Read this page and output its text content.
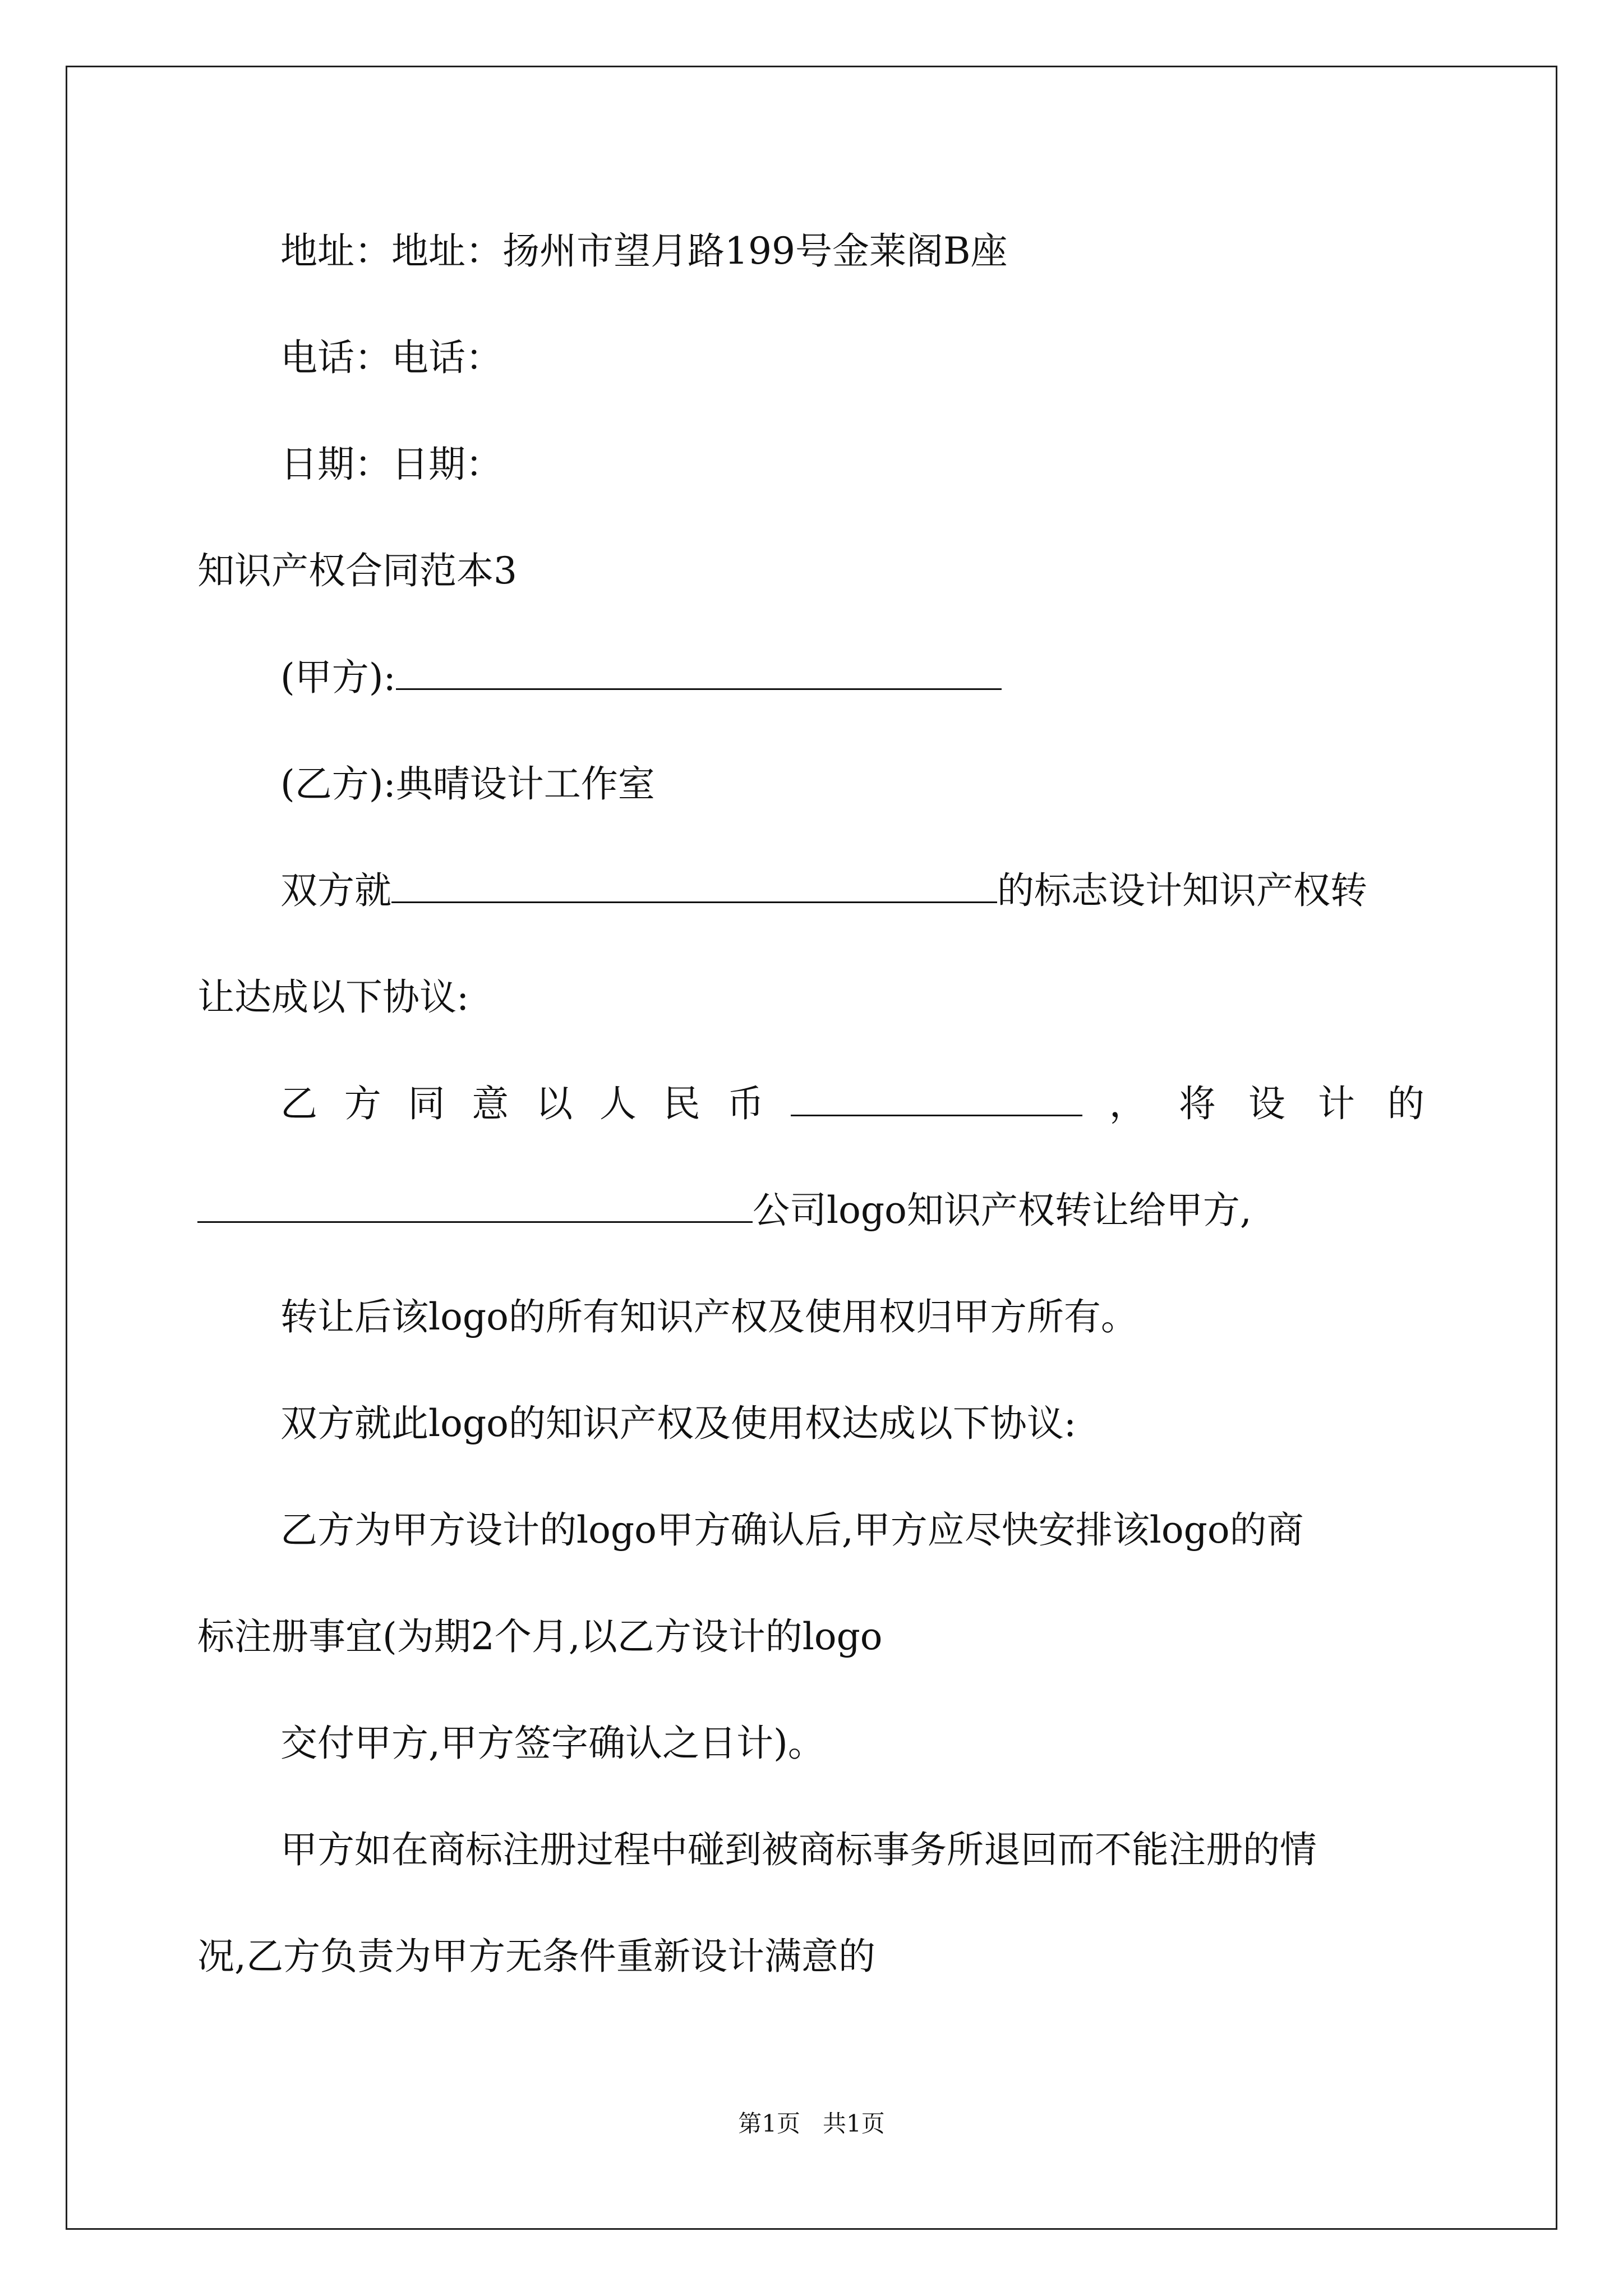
地址：地址：扬州市望月路199号金莱阁B座
电话：电话：
日期：日期：
知识产权合同范本3
(甲方):
(乙方):典晴设计工作室
双方就	的标志设计知识产权转
让达成以下协议:
乙 方 同 意 以 人 民 币	，将设计的
公司logo知识产权转让给甲方,
转让后该logo的所有知识产权及使用权归甲方所有。
双方就此logo的知识产权及使用权达成以下协议:
乙方为甲方设计的logo甲方确认后,甲方应尽快安排该logo的商
标注册事宜(为期2个月,以乙方设计的logo
交付甲方,甲方签字确认之日计)。
甲方如在商标注册过程中碰到被商标事务所退回而不能注册的情
况,乙方负责为甲方无条件重新设计满意的
第1页   共1页
